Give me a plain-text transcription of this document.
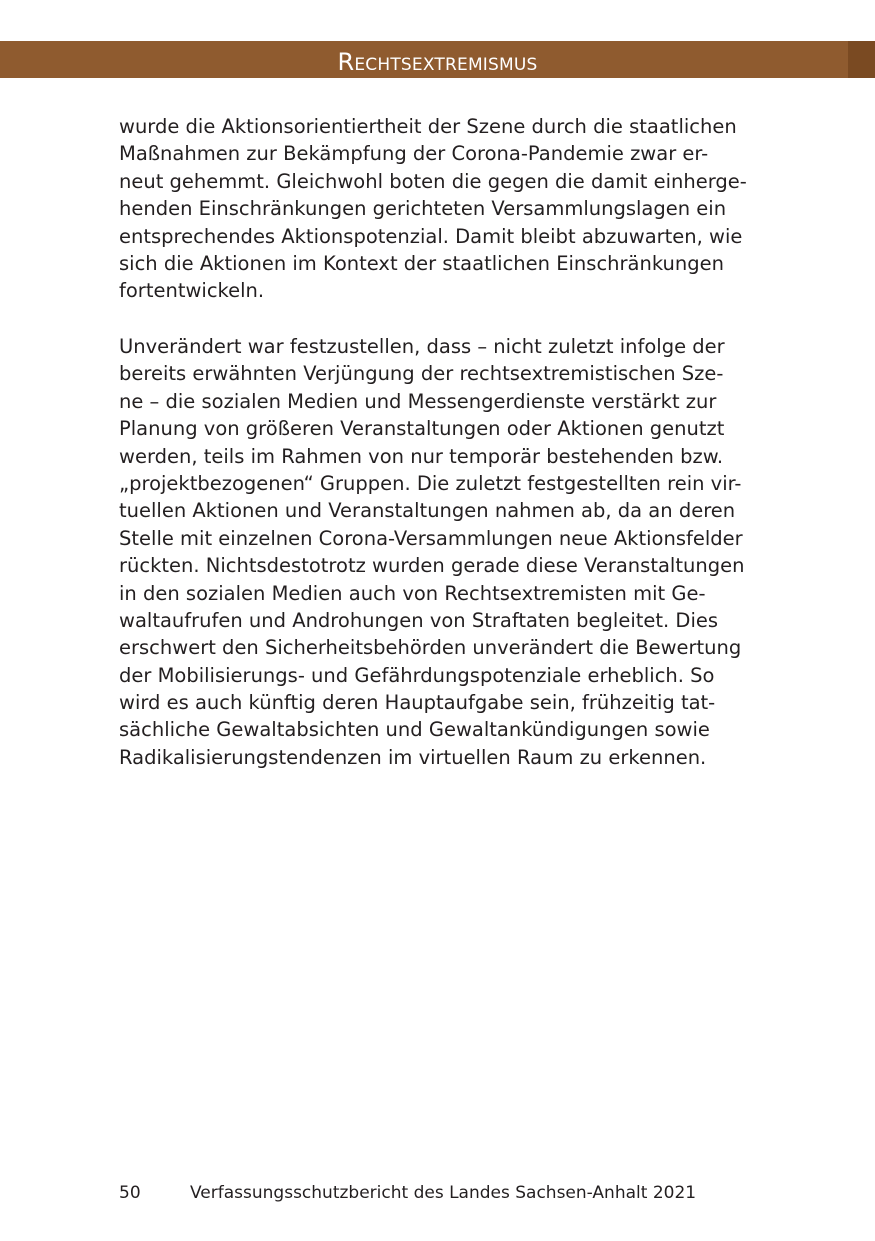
Rechtsextremismus
wurde die Aktionsorientiertheit der Szene durch die staatlichen
Maßnahmen zur Bekämpfung der Corona-Pandemie zwar er-
neut gehemmt. Gleichwohl boten die gegen die damit einherge-
henden Einschränkungen gerichteten Versammlungslagen ein
entsprechendes Aktionspotenzial. Damit bleibt abzuwarten, wie
sich die Aktionen im Kontext der staatlichen Einschränkungen
fortentwickeln.
Unverändert war festzustellen, dass – nicht zuletzt infolge der
bereits erwähnten Verjüngung der rechtsextremistischen Sze-
ne – die sozialen Medien und Messengerdienste verstärkt zur
Planung von größeren Veranstaltungen oder Aktionen genutzt
werden, teils im Rahmen von nur temporär bestehenden bzw.
„projektbezogenen“ Gruppen. Die zuletzt festgestellten rein vir-
tuellen Aktionen und Veranstaltungen nahmen ab, da an deren
Stelle mit einzelnen Corona-Versammlungen neue Aktionsfelder
rückten. Nichtsdestotrotz wurden gerade diese Veranstaltungen
in den sozialen Medien auch von Rechtsextremisten mit Ge-
waltaufrufen und Androhungen von Straftaten begleitet. Dies
erschwert den Sicherheitsbehörden unverändert die Bewertung
der Mobilisierungs- und Gefährdungspotenziale erheblich. So
wird es auch künftig deren Hauptaufgabe sein, frühzeitig tat-
sächliche Gewaltabsichten und Gewaltankündigungen sowie
Radikalisierungstendenzen im virtuellen Raum zu erkennen.
50	Verfassungsschutzbericht des Landes Sachsen-Anhalt 2021
